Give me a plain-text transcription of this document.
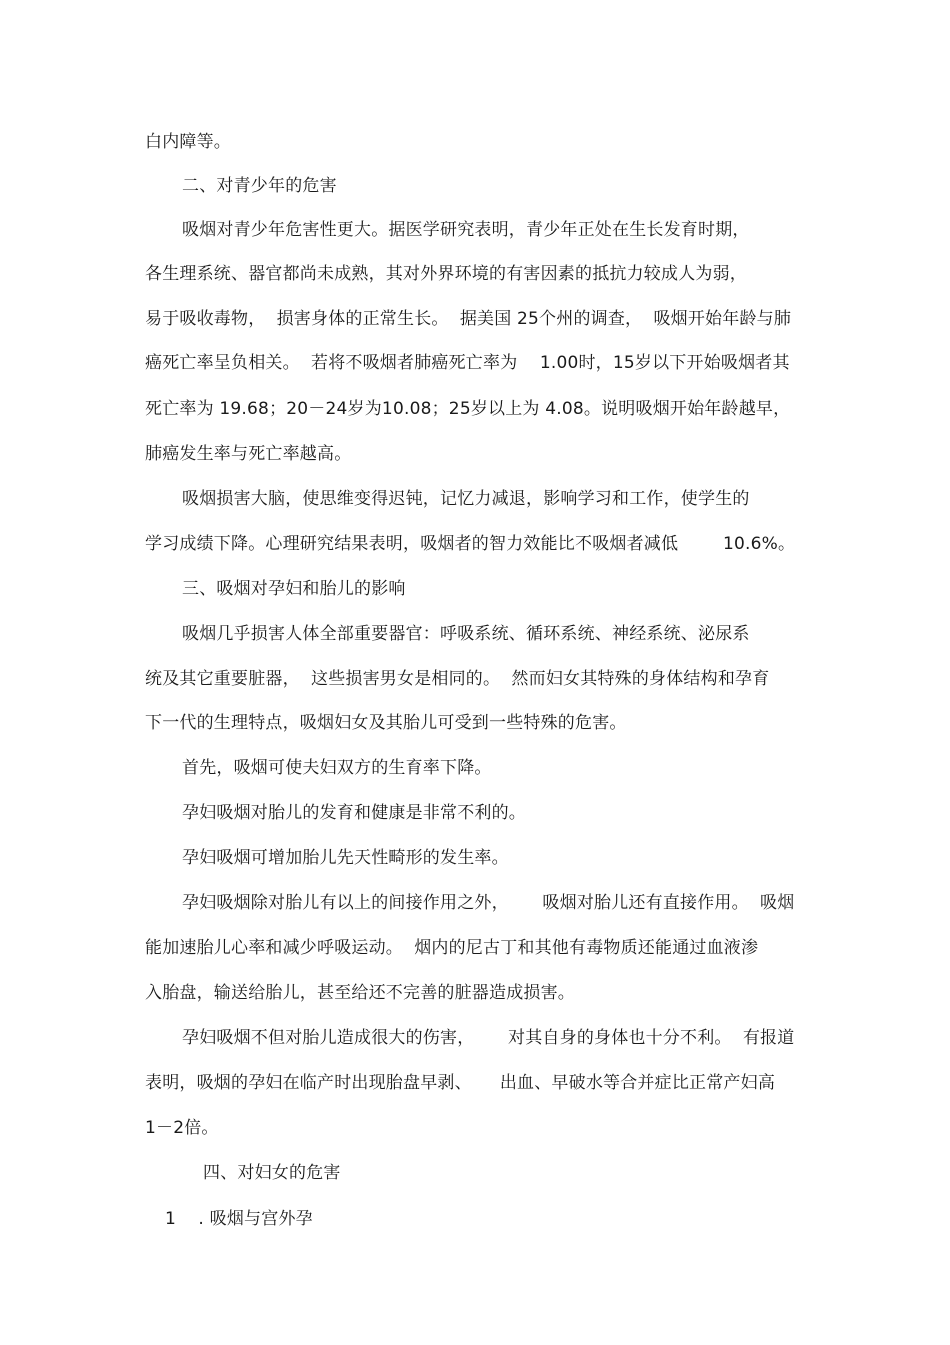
白内障等。
二、对青少年的危害
吸烟对青少年危害性更大。据医学研究表明，青少年正处在生长发育时期，
各生理系统、器官都尚未成熟，其对外界环境的有害因素的抵抗力较成人为弱，
易于吸收毒物，  损害身体的正常生长。  据美国 25个州的调查，  吸烟开始年龄与肺
癌死亡率呈负相关。  若将不吸烟者肺癌死亡率为    1.00时，15岁以下开始吸烟者其
死亡率为 19.68；20－24岁为10.08；25岁以上为 4.08。说明吸烟开始年龄越早，
肺癌发生率与死亡率越高。
吸烟损害大脑，使思维变得迟钝，记忆力减退，影响学习和工作，使学生的
学习成绩下降。心理研究结果表明，吸烟者的智力效能比不吸烟者减低        10.6%。
三、吸烟对孕妇和胎儿的影响
吸烟几乎损害人体全部重要器官：呼吸系统、循环系统、神经系统、泌尿系
统及其它重要脏器，  这些损害男女是相同的。  然而妇女其特殊的身体结构和孕育
下一代的生理特点，吸烟妇女及其胎儿可受到一些特殊的危害。
首先，吸烟可使夫妇双方的生育率下降。
孕妇吸烟对胎儿的发育和健康是非常不利的。
孕妇吸烟可增加胎儿先天性畸形的发生率。
孕妇吸烟除对胎儿有以上的间接作用之外，      吸烟对胎儿还有直接作用。  吸烟
能加速胎儿心率和减少呼吸运动。  烟内的尼古丁和其他有毒物质还能通过血液渗
入胎盘，输送给胎儿，甚至给还不完善的脏器造成损害。
孕妇吸烟不但对胎儿造成很大的伤害，      对其自身的身体也十分不利。  有报道
表明，吸烟的孕妇在临产时出现胎盘早剥、     出血、早破水等合并症比正常产妇高
1－2倍。
四、对妇女的危害
1    . 吸烟与宫外孕
